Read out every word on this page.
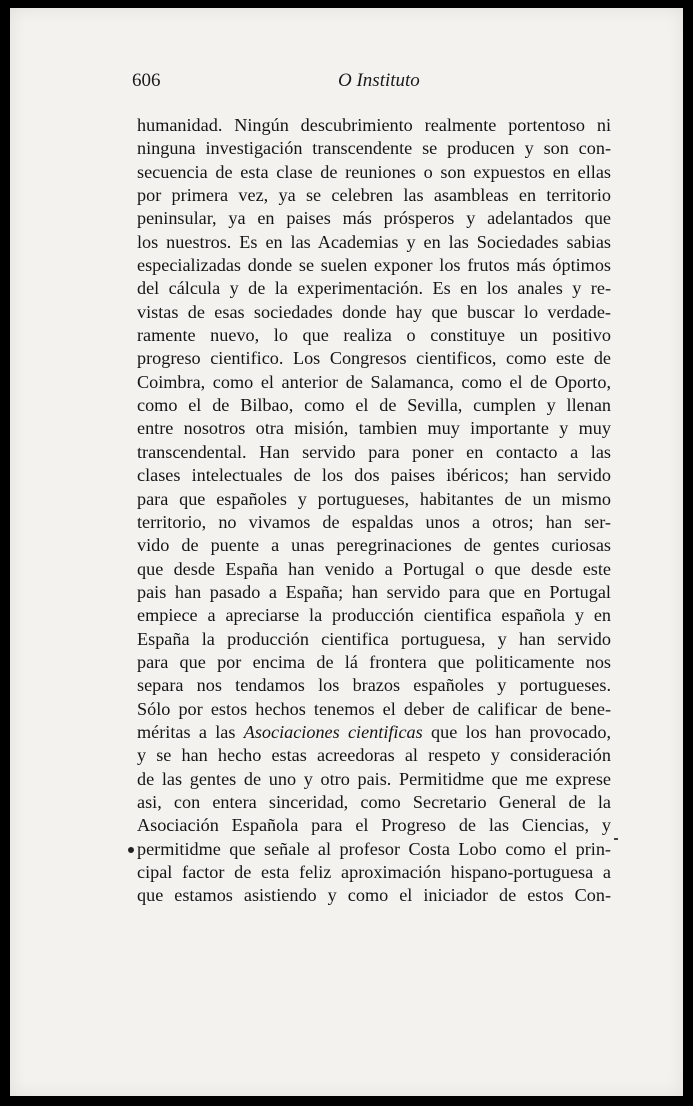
606	O Instituto
humanidad. Ningún descubrimiento realmente portentoso ni
ninguna investigación transcendente se producen y son con-
secuencia de esta clase de reuniones o son expuestos en ellas
por primera vez, ya se celebren las asambleas en territorio
peninsular, ya en paises más prósperos y adelantados que
los nuestros. Es en las Academias y en las Sociedades sabias
especializadas donde se suelen exponer los frutos más óptimos
del cálcula y de la experimentación. Es en los anales y re-
vistas de esas sociedades donde hay que buscar lo verdade-
ramente nuevo, lo que realiza o constituye un positivo
progreso cientifico. Los Congresos cientificos, como este de
Coimbra, como el anterior de Salamanca, como el de Oporto,
como el de Bilbao, como el de Sevilla, cumplen y llenan
entre nosotros otra misión, tambien muy importante y muy
transcendental. Han servido para poner en contacto a las
clases intelectuales de los dos paises ibéricos; han servido
para que españoles y portugueses, habitantes de un mismo
territorio, no vivamos de espaldas unos a otros; han ser-
vido de puente a unas peregrinaciones de gentes curiosas
que desde España han venido a Portugal o que desde este
pais han pasado a España; han servido para que en Portugal
empiece a apreciarse la producción cientifica española y en
España la producción cientifica portuguesa, y han servido
para que por encima de lá frontera que politicamente nos
separa nos tendamos los brazos españoles y portugueses.
Sólo por estos hechos tenemos el deber de calificar de bene-
méritas a las Asociaciones cientificas que los han provocado,
y se han hecho estas acreedoras al respeto y consideración
de las gentes de uno y otro pais. Permitidme que me exprese
asi, con entera sinceridad, como Secretario General de la
Asociación Española para el Progreso de las Ciencias, y
permitidme que señale al profesor Costa Lobo como el prin-
cipal factor de esta feliz aproximación hispano-portuguesa a
que estamos asistiendo y como el iniciador de estos Con-
